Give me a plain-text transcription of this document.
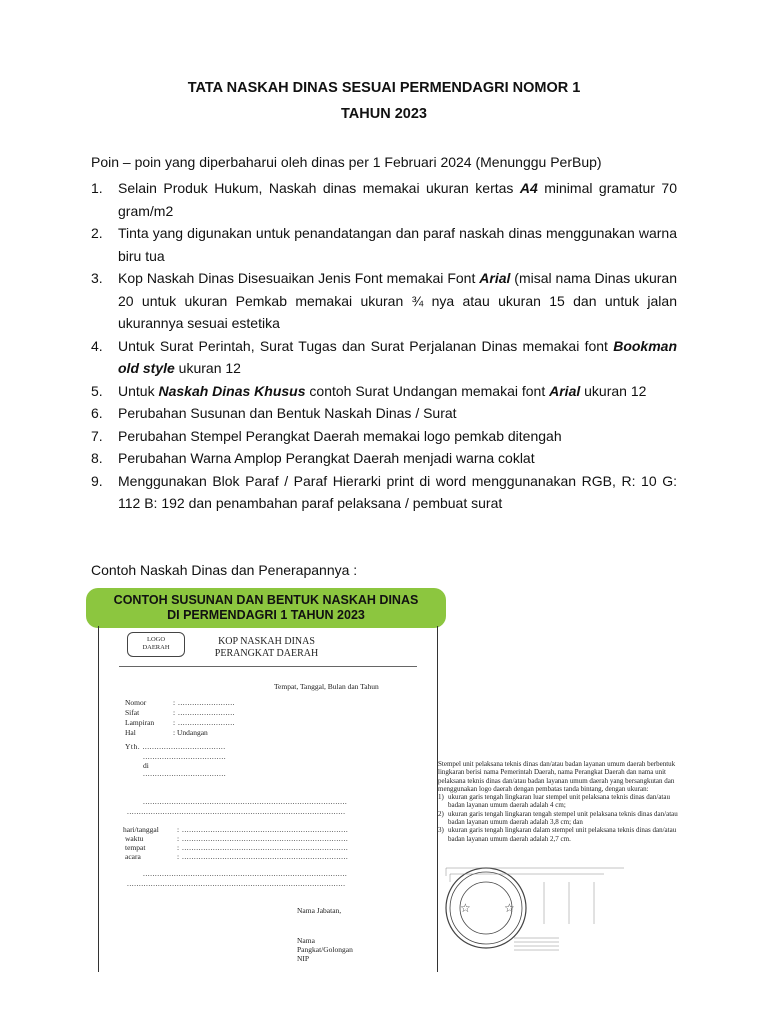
TATA NASKAH DINAS SESUAI PERMENDAGRI NOMOR 1
TAHUN 2023
Poin – poin yang diperbaharui oleh dinas per 1 Februari 2024 (Menunggu PerBup)
1.	Selain Produk Hukum, Naskah dinas memakai ukuran kertas A4 minimal gramatur 70 gram/m2
2.	Tinta yang digunakan untuk penandatangan dan paraf naskah dinas menggunakan warna biru tua
3.	Kop Naskah Dinas Disesuaikan Jenis Font memakai Font Arial (misal nama Dinas ukuran 20 untuk ukuran Pemkab memakai ukuran ¾ nya atau ukuran 15 dan untuk jalan ukurannya sesuai estetika
4.	Untuk Surat Perintah, Surat Tugas dan Surat Perjalanan Dinas memakai font Bookman old style ukuran 12
5.	Untuk Naskah Dinas Khusus contoh Surat Undangan memakai font Arial ukuran 12
6.	Perubahan Susunan dan Bentuk Naskah Dinas / Surat
7.	Perubahan Stempel Perangkat Daerah memakai logo pemkab ditengah
8.	Perubahan Warna Amplop Perangkat Daerah menjadi warna coklat
9.	Menggunakan Blok Paraf / Paraf Hierarki print di word menggunanakan RGB, R: 10 G: 112 B: 192 dan penambahan paraf pelaksana / pembuat surat
Contoh Naskah Dinas dan Penerapannya :
CONTOH SUSUNAN DAN BENTUK NASKAH DINAS
DI PERMENDAGRI 1 TAHUN 2023
LOGO
DAERAH
KOP NASKAH DINAS
PERANGKAT DAERAH
Tempat, Tanggal, Bulan dan Tahun
Nomor	: ........................
Sifat	: ........................
Lampiran	: ........................
Hal	: Undangan
Yth. ...................................
...................................
di
...................................
......................................................................................
............................................................................................
hari/tanggal : ......................................................................
waktu	: ......................................................................
tempat	: ......................................................................
acara	: ......................................................................
......................................................................................
............................................................................................
Nama Jabatan,
Nama
Pangkat/Golongan
NIP
Stempel unit pelaksana teknis dinas dan/atau badan layanan umum daerah berbentuk lingkaran berisi nama Pemerintah Daerah, nama Perangkat Daerah dan nama unit pelaksana teknis dinas dan/atau badan layanan umum daerah yang bersangkutan dan menggunakan logo daerah dengan pembatas tanda bintang, dengan ukuran:
1) ukuran garis tengah lingkaran luar stempel unit pelaksana teknis dinas dan/atau badan layanan umum daerah adalah 4 cm;
2) ukuran garis tengah lingkaran tengah stempel unit pelaksana teknis dinas dan/atau badan layanan umum daerah adalah 3,8 cm; dan
3) ukuran garis tengah lingkaran dalam stempel unit pelaksana teknis dinas dan/atau badan layanan umum daerah adalah 2,7 cm.
☆	☆
